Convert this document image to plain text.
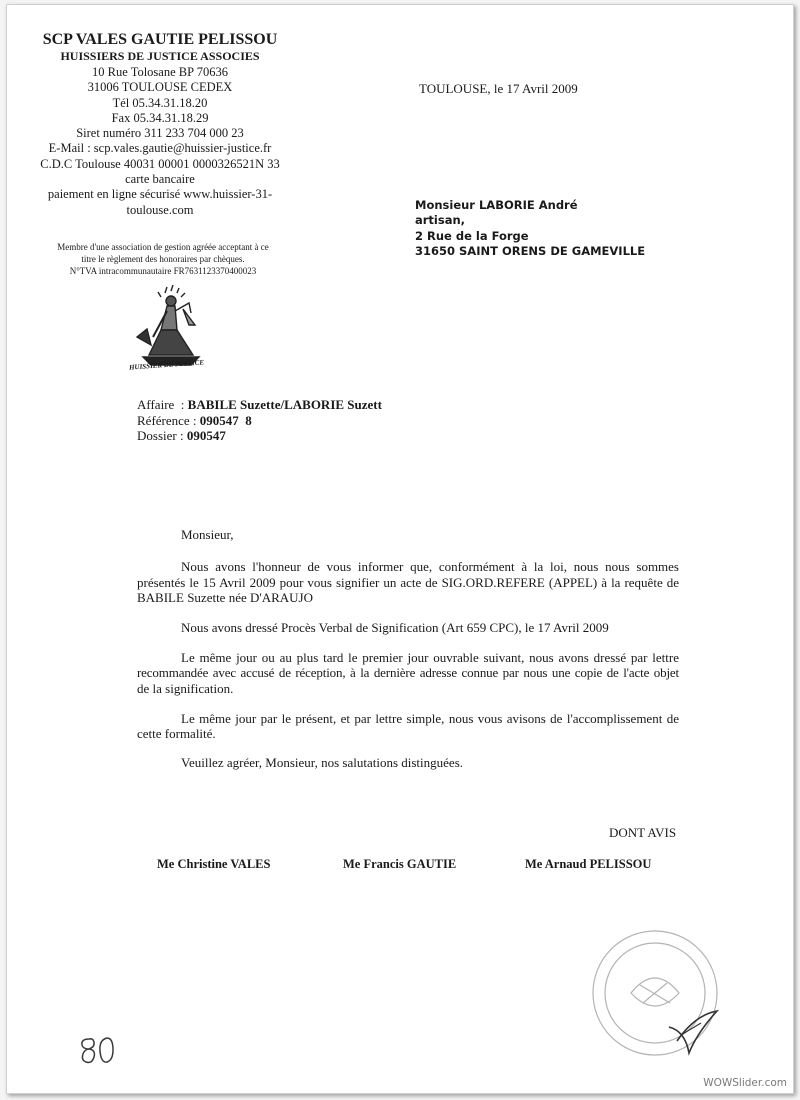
SCP VALES GAUTIE PELISSOU
HUISSIERS DE JUSTICE ASSOCIES
10 Rue Tolosane BP 70636
31006 TOULOUSE CEDEX
Tél 05.34.31.18.20
Fax 05.34.31.18.29
Siret numéro 311 233 704 000 23
E-Mail : scp.vales.gautie@huissier-justice.fr
C.D.C Toulouse 40031 00001 0000326521N 33
carte bancaire
paiement en ligne sécurisé www.huissier-31-
toulouse.com
Membre d'une association de gestion agréée acceptant à ce
titre le règlement des honoraires par chèques.
N°TVA intracommunautaire FR7631123370400023
HUISSIER DE JUSTICE
TOULOUSE, le 17 Avril 2009
Monsieur LABORIE André
artisan,
2 Rue de la Forge
31650 SAINT ORENS DE GAMEVILLE
Affaire  : BABILE Suzette/LABORIE Suzett
Référence : 090547  8
Dossier : 090547
Monsieur,
Nous avons l'honneur de vous informer que, conformément à la loi, nous nous sommes
présentés le 15 Avril 2009 pour vous signifier un acte de SIG.ORD.REFERE (APPEL) à la requête de
BABILE Suzette née D'ARAUJO
Nous avons dressé Procès Verbal de Signification (Art 659 CPC), le 17 Avril 2009
Le même jour ou au plus tard le premier jour ouvrable suivant, nous avons dressé par lettre
recommandée avec accusé de réception, à la dernière adresse connue par nous une copie de l'acte objet
de la signification.
Le même jour par le présent, et par lettre simple, nous vous avisons de l'accomplissement de
cette formalité.
Veuillez agréer, Monsieur, nos salutations distinguées.
DONT AVIS
Me Christine VALES	Me Francis GAUTIE	Me Arnaud PELISSOU
WOWSlider.com
